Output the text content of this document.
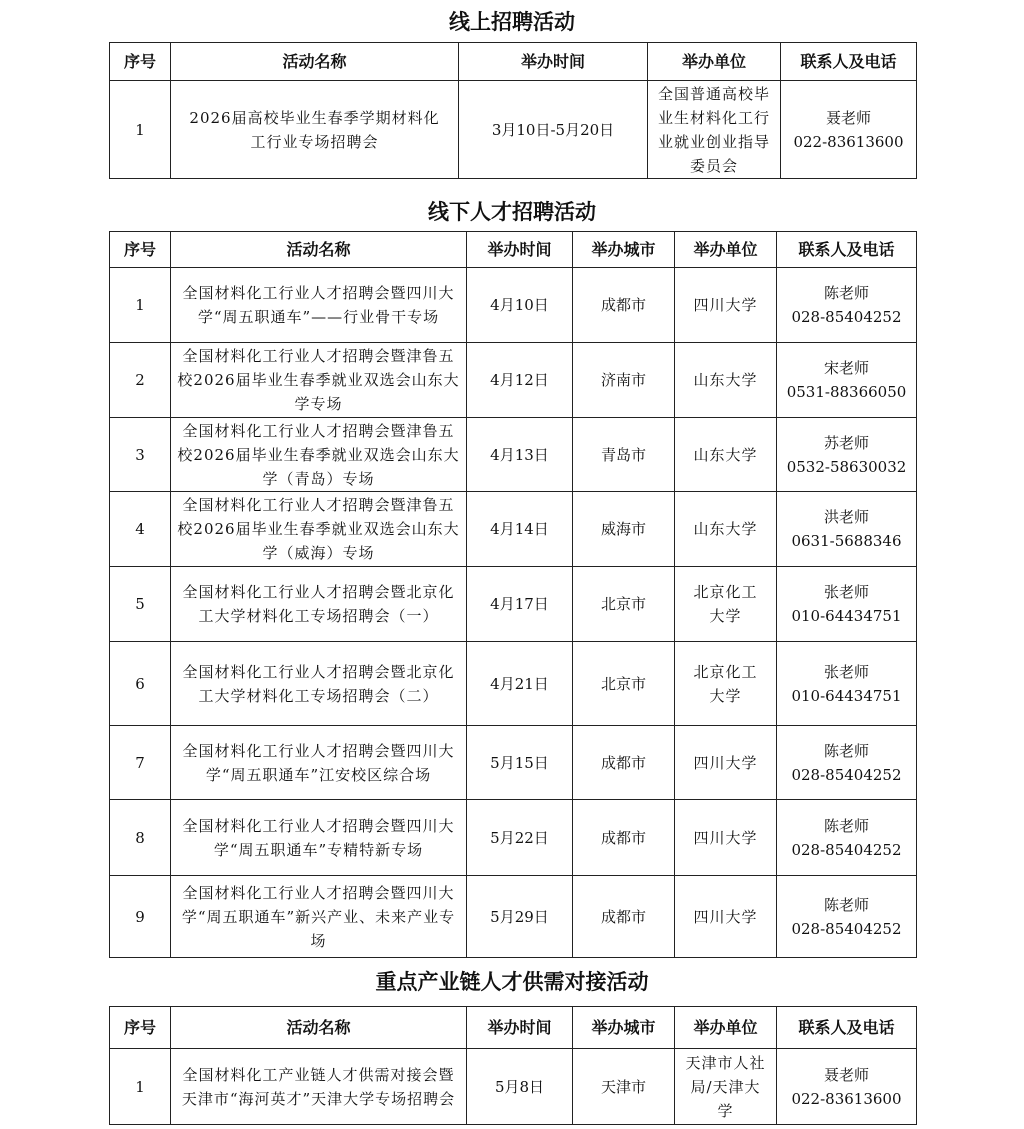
线上招聘活动
序号	活动名称	举办时间	举办单位	联系人及电话
1	2026届高校毕业生春季学期材料化工行业专场招聘会	3月10日-5月20日	全国普通高校毕业生材料化工行业就业创业指导委员会	聂老师
022-83613600
线下人才招聘活动
序号	活动名称	举办时间	举办城市	举办单位	联系人及电话
1	全国材料化工行业人才招聘会暨四川大学“周五职通车”——行业骨干专场	4月10日	成都市	四川大学	陈老师
028-85404252

2	全国材料化工行业人才招聘会暨津鲁五校2026届毕业生春季就业双选会山东大学专场	4月12日	济南市	山东大学	宋老师
0531-88366050

3	全国材料化工行业人才招聘会暨津鲁五校2026届毕业生春季就业双选会山东大学（青岛）专场	4月13日	青岛市	山东大学	苏老师
0532-58630032

4	全国材料化工行业人才招聘会暨津鲁五校2026届毕业生春季就业双选会山东大学（威海）专场	4月14日	威海市	山东大学	洪老师
0631-5688346

5	全国材料化工行业人才招聘会暨北京化工大学材料化工专场招聘会（一）	4月17日	北京市	北京化工大学	张老师
010-64434751

6	全国材料化工行业人才招聘会暨北京化工大学材料化工专场招聘会（二）	4月21日	北京市	北京化工大学	张老师
010-64434751

7	全国材料化工行业人才招聘会暨四川大学“周五职通车”江安校区综合场	5月15日	成都市	四川大学	陈老师
028-85404252

8	全国材料化工行业人才招聘会暨四川大学“周五职通车”专精特新专场	5月22日	成都市	四川大学	陈老师
028-85404252

9	全国材料化工行业人才招聘会暨四川大学“周五职通车”新兴产业、未来产业专场	5月29日	成都市	四川大学	陈老师
028-85404252
重点产业链人才供需对接活动
序号	活动名称	举办时间	举办城市	举办单位	联系人及电话
1	全国材料化工产业链人才供需对接会暨天津市“海河英才”天津大学专场招聘会	5月8日	天津市	天津市人社局/天津大学	聂老师
022-83613600
